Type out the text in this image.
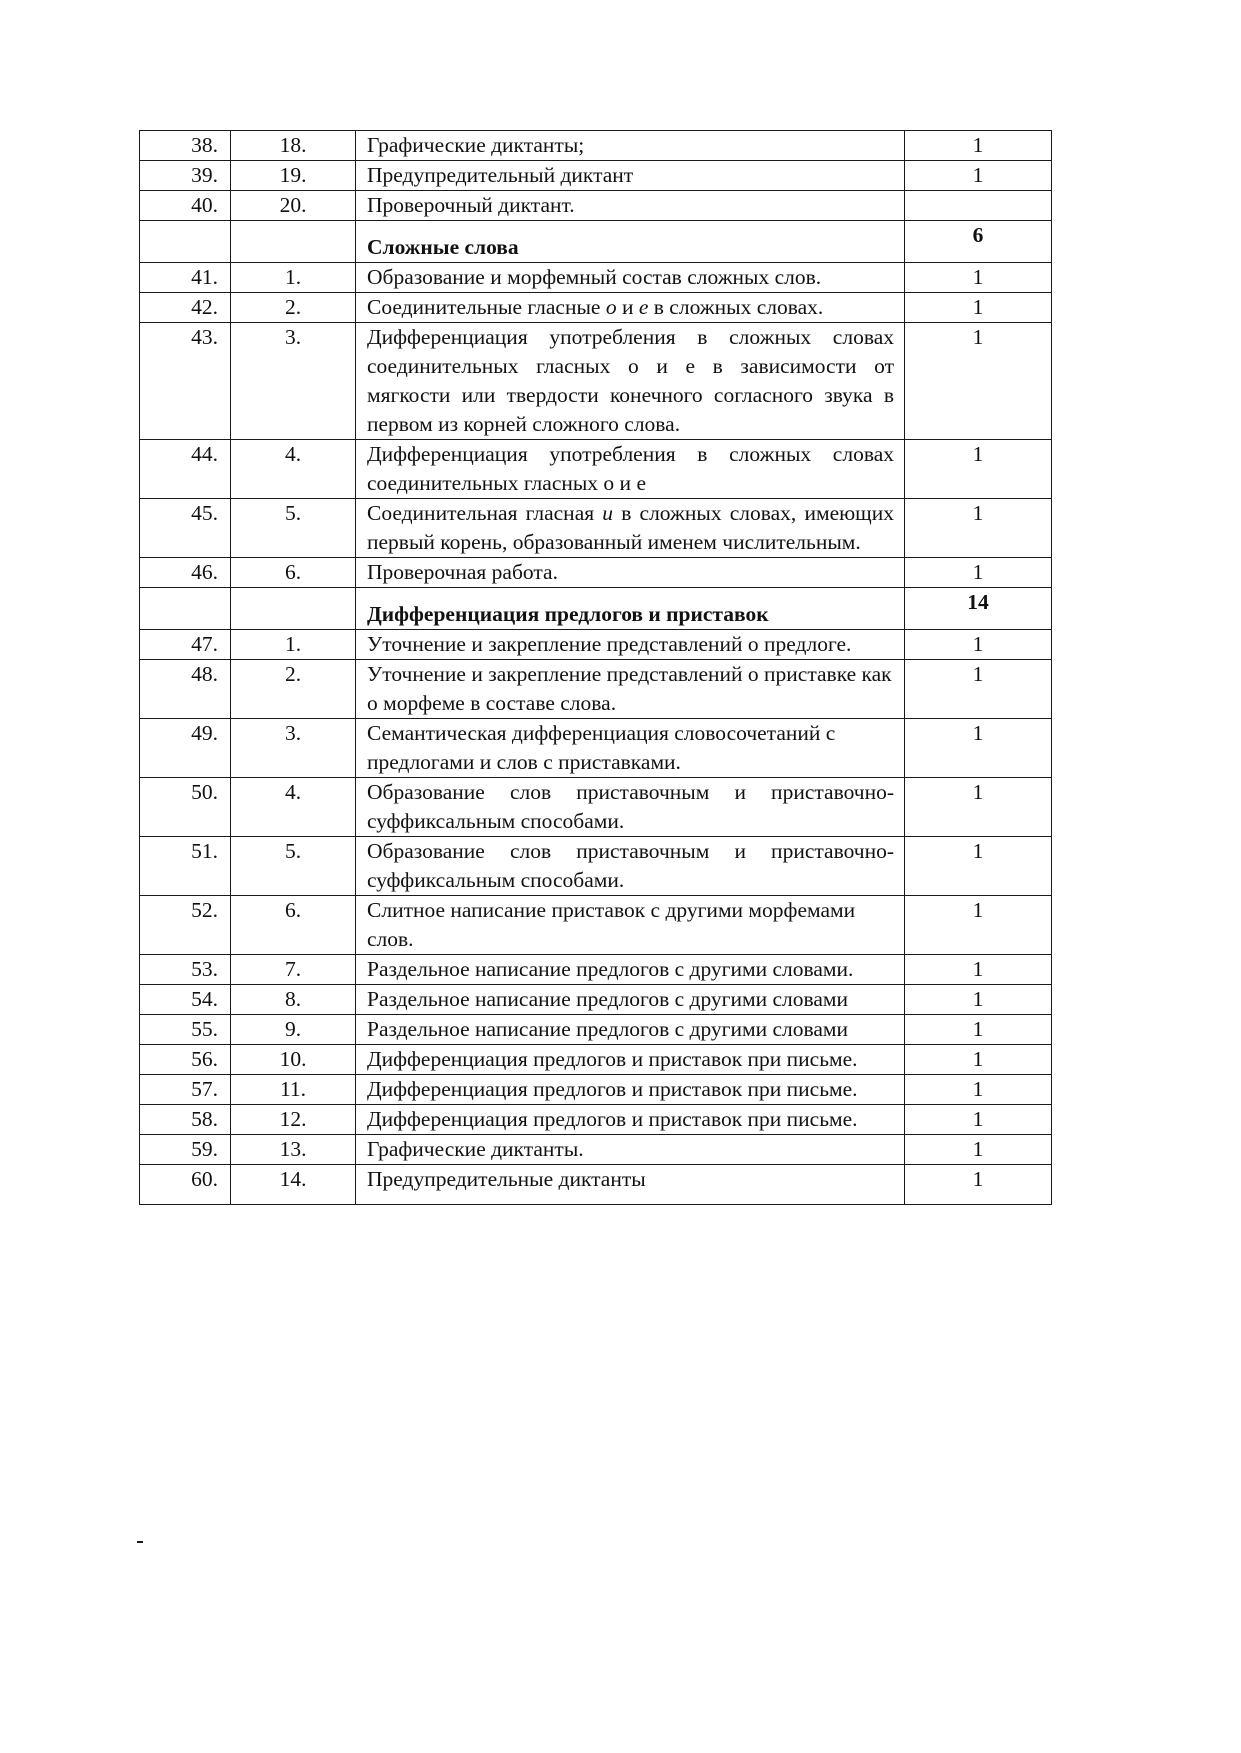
38.	18.	Графические диктанты;	1
39.	19.	Предупредительный диктант	1
40.	20.	Проверочный диктант.	
		Сложные слова	6
41.	1.	Образование и морфемный состав сложных слов.	1
42.	2.	Соединительные гласные о и е в сложных словах.	1
43.	3.	Дифференциация употребления в сложных словах соединительных гласных о и е в зависимости от мягкости или твердости конечного согласного звука в первом из корней сложного слова.	1
44.	4.	Дифференциация употребления в сложных словах соединительных гласных о и е	1
45.	5.	Соединительная гласная и в сложных словах, имеющих первый корень, образованный именем числительным.	1
46.	6.	Проверочная работа.	1
		Дифференциация предлогов и приставок	14
47.	1.	Уточнение и закрепление представлений о предлоге.	1
48.	2.	Уточнение и закрепление представлений о приставке как о морфеме в составе слова.	1
49.	3.	Семантическая дифференциация словосочетаний с предлогами и слов с приставками.	1
50.	4.	Образование слов приставочным и приставочно-суффиксальным способами.	1
51.	5.	Образование слов приставочным и приставочно-суффиксальным способами.	1
52.	6.	Слитное написание приставок с другими морфемами слов.	1
53.	7.	Раздельное написание предлогов с другими словами.	1
54.	8.	Раздельное написание предлогов с другими словами	1
55.	9.	Раздельное написание предлогов с другими словами	1
56.	10.	Дифференциация предлогов и приставок при письме.	1
57.	11.	Дифференциация предлогов и приставок при письме.	1
58.	12.	Дифференциация предлогов и приставок при письме.	1
59.	13.	Графические диктанты.	1
60.	14.	Предупредительные диктанты	1
